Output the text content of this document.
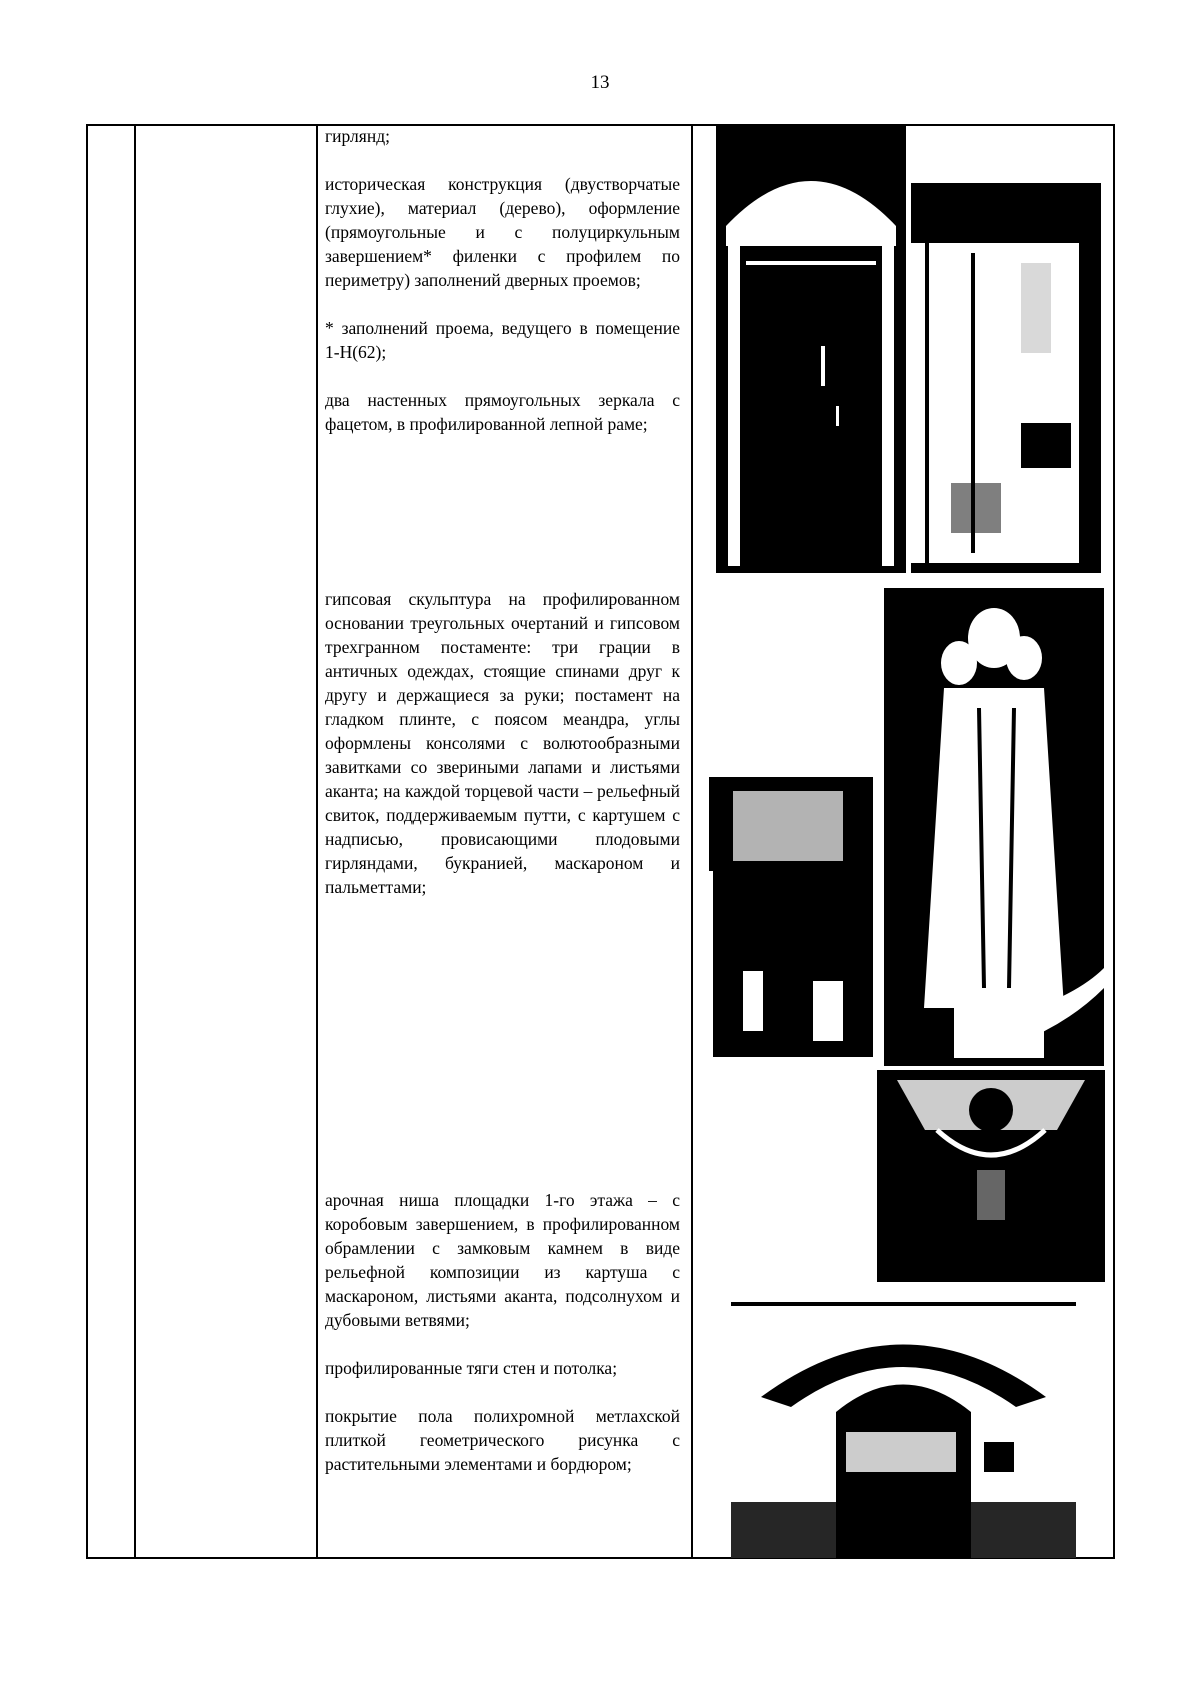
13

гирлянд;

историческая конструкция (двустворчатые глухие), материал (дерево), оформление (прямоугольные и с полуциркульным завершением* филенки с профилем по периметру) заполнений дверных проемов;

* заполнений проема, ведущего в помещение 1-Н(62);

два настенных прямоугольных зеркала с фацетом, в профилированной лепной раме;

гипсовая скульптура на профилированном основании треугольных очертаний и гипсовом трехгранном постаменте: три грации в античных одеждах, стоящие спинами друг к другу и держащиеся за руки; постамент на гладком плинте, с поясом меандра, углы оформлены консолями с волютообразными завитками со звериными лапами и листьями аканта; на каждой торцевой части – рельефный свиток, поддерживаемым путти, с картушем с надписью, провисающими плодовыми гирляндами, букранией, маскароном и пальметтами;

арочная ниша площадки 1-го этажа – с коробовым завершением, в профилированном обрамлении с замковым камнем в виде рельефной композиции из картуша с маскароном, листьями аканта, подсолнухом и дубовыми ветвями;

профилированные тяги стен и потолка;

покрытие пола полихромной метлахской плиткой геометрического рисунка с растительными элементами и бордюром;
